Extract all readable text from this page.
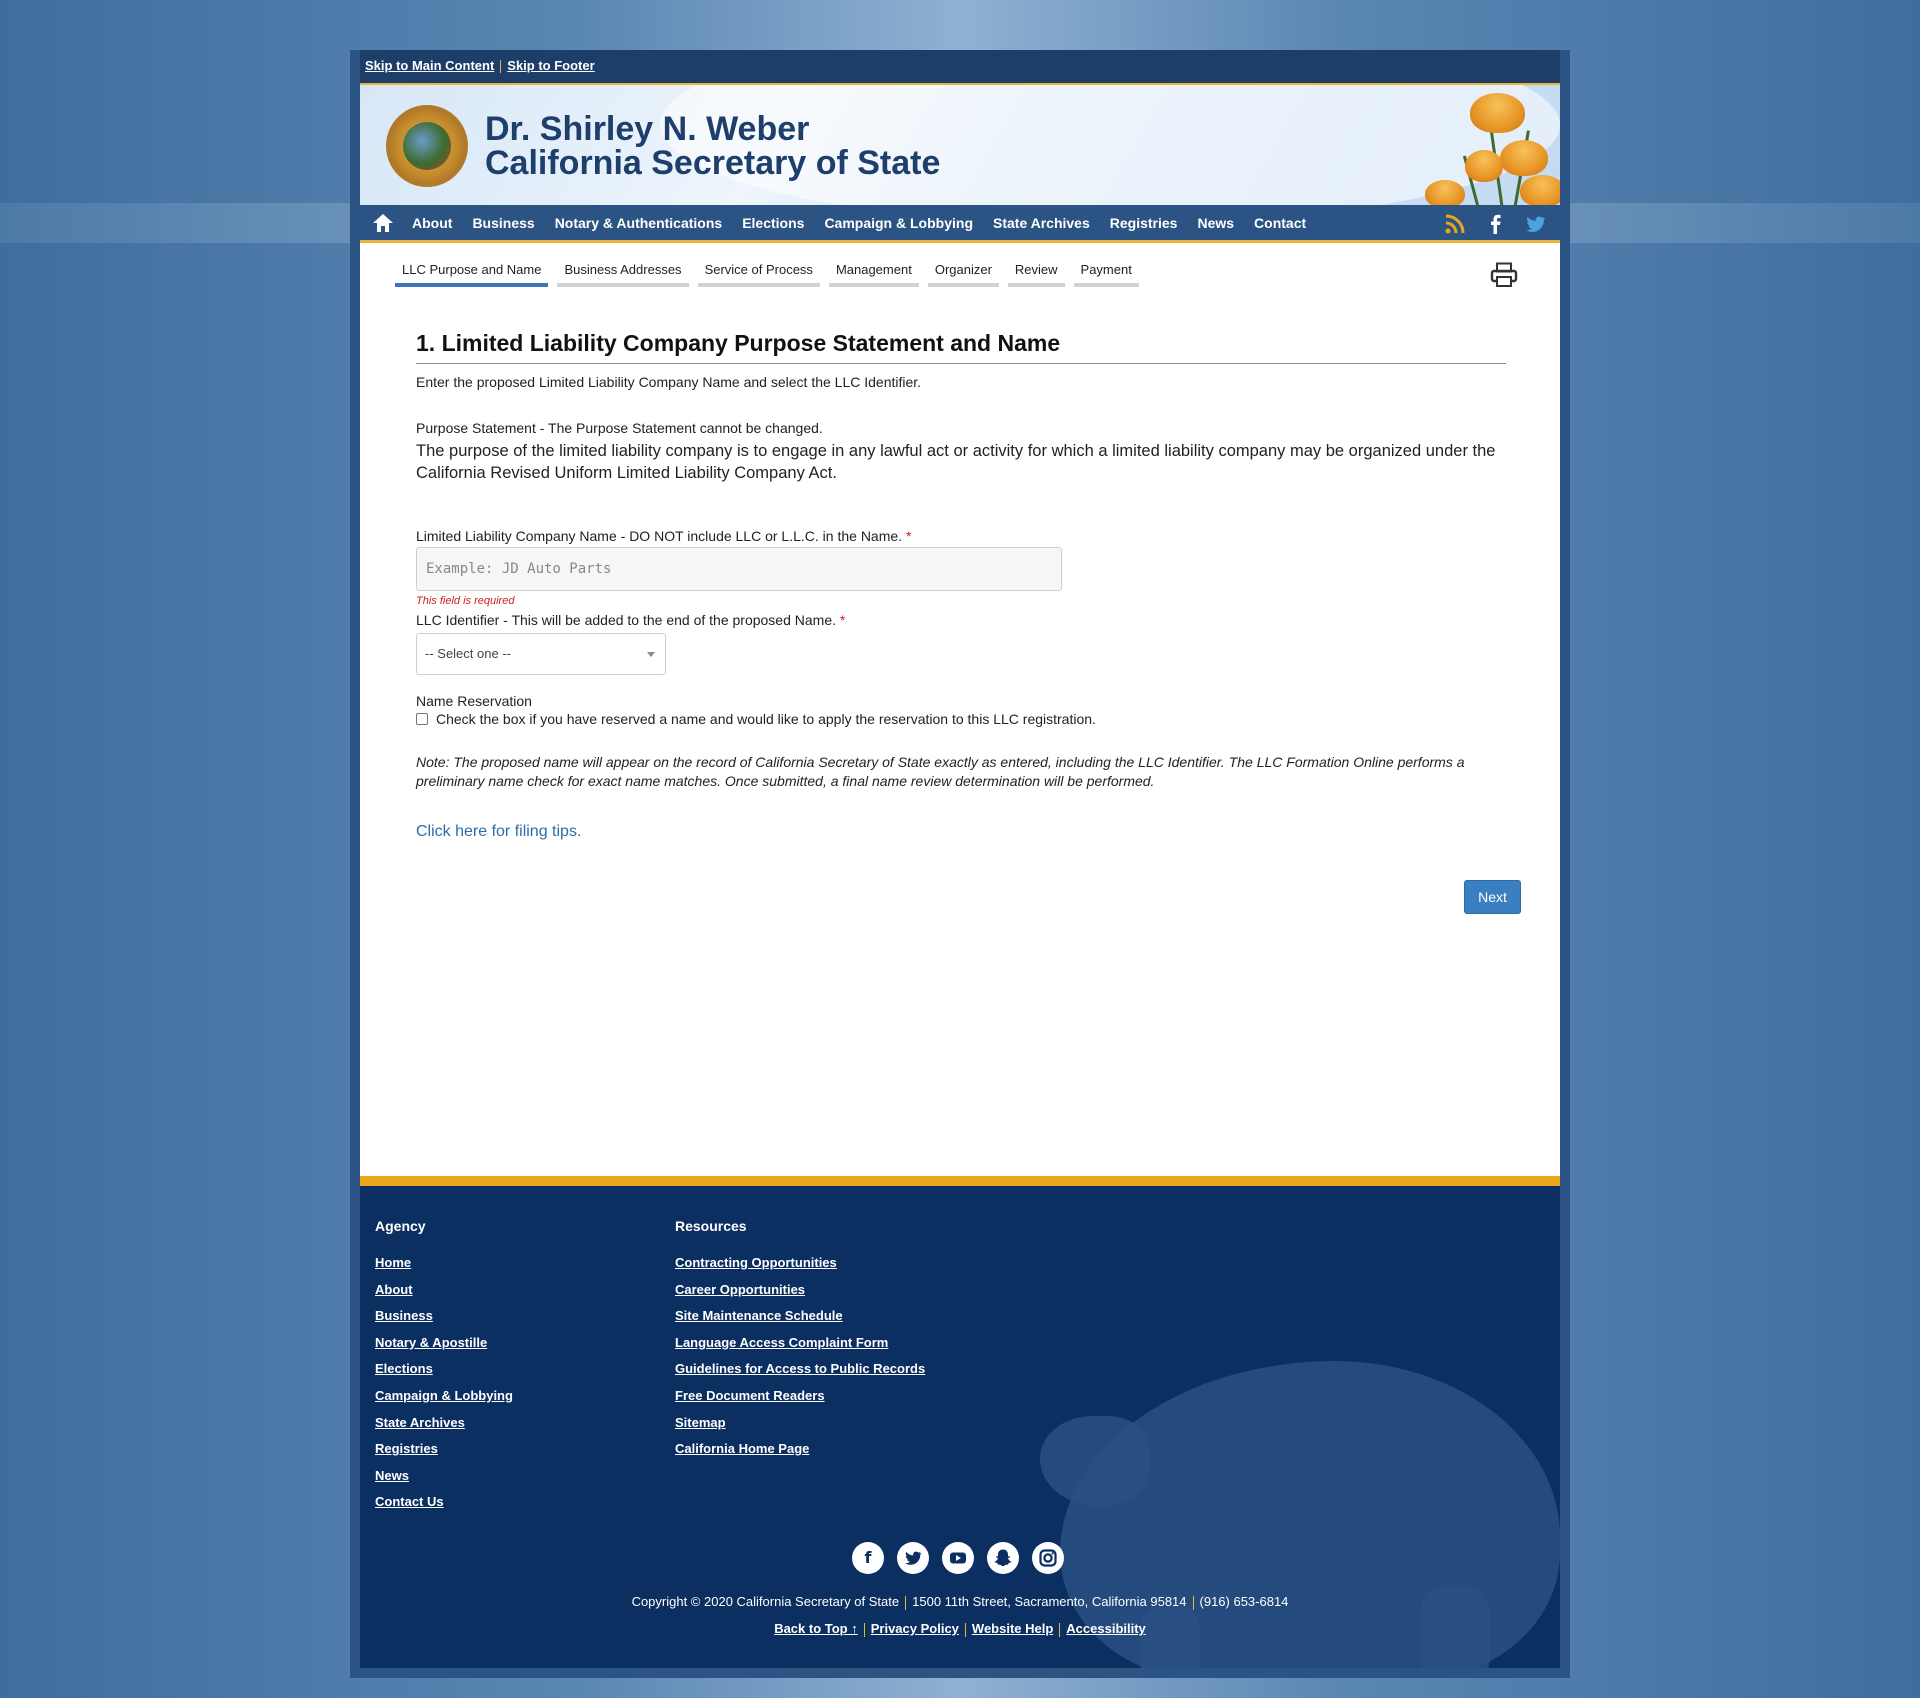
Skip to Main Content Skip to Footer
Dr. Shirley N. Weber
California Secretary of State
About Business Notary & Authentications Elections Campaign & Lobbying State Archives Registries News Contact
LLC Purpose and Name	Business Addresses	Service of Process	Management	Organizer	Review	Payment
1. Limited Liability Company Purpose Statement and Name
Enter the proposed Limited Liability Company Name and select the LLC Identifier.
Purpose Statement - The Purpose Statement cannot be changed.
The purpose of the limited liability company is to engage in any lawful act or activity for which a limited liability company may be organized under the California Revised Uniform Limited Liability Company Act.
Limited Liability Company Name - DO NOT include LLC or L.L.C. in the Name. *
Example: JD Auto Parts
This field is required
LLC Identifier - This will be added to the end of the proposed Name. *
-- Select one --
Name Reservation
Check the box if you have reserved a name and would like to apply the reservation to this LLC registration.
Note: The proposed name will appear on the record of California Secretary of State exactly as entered, including the LLC Identifier. The LLC Formation Online performs a preliminary name check for exact name matches. Once submitted, a final name review determination will be performed.
Click here for filing tips.
Next
Agency
Home
About
Business
Notary & Apostille
Elections
Campaign & Lobbying
State Archives
Registries
News
Contact Us
Resources
Contracting Opportunities
Career Opportunities
Site Maintenance Schedule
Language Access Complaint Form
Guidelines for Access to Public Records
Free Document Readers
Sitemap
California Home Page
f
Copyright © 2020 California Secretary of State 1500 11th Street, Sacramento, California 95814 (916) 653-6814
Back to Top ↑ Privacy Policy Website Help Accessibility
